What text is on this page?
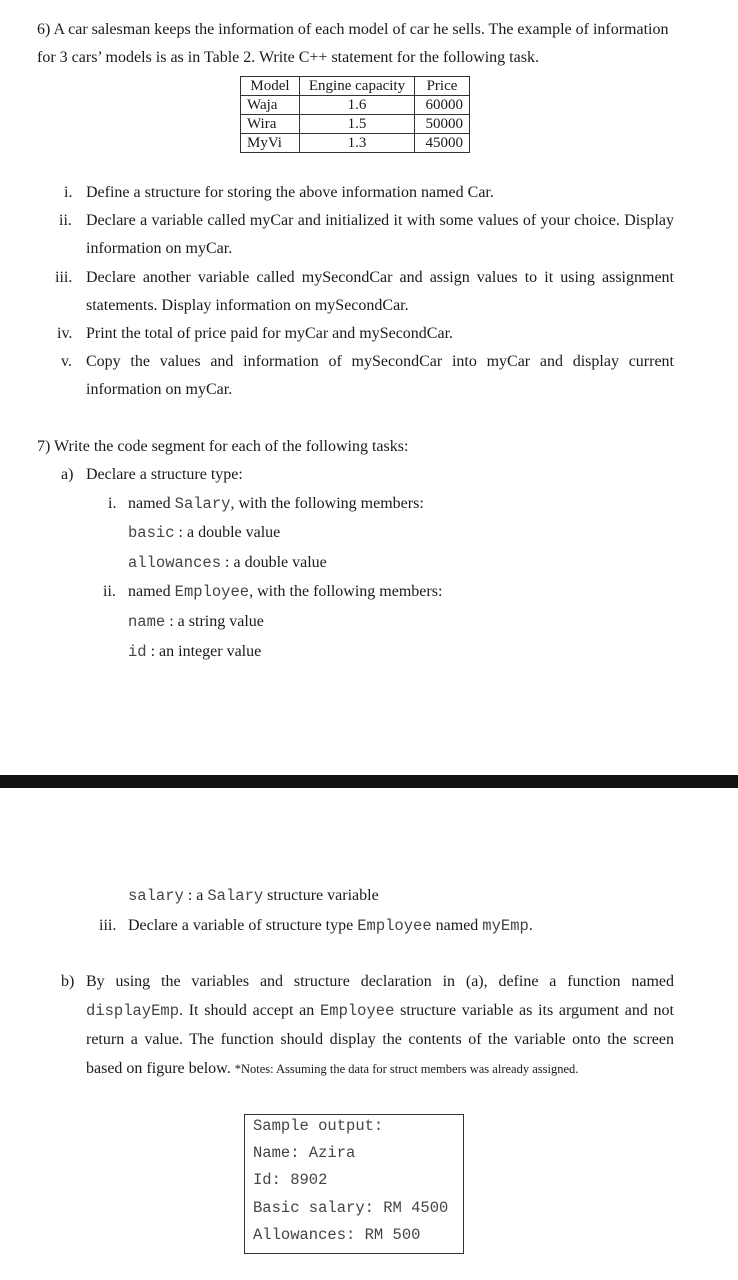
6) A car salesman keeps the information of each model of car he sells. The example of information
for 3 cars’ models is as in Table 2. Write C++ statement for the following task.
Model	Engine capacity	Price
Waja	1.6	60000
Wira	1.5	50000
MyVi	1.3	45000
i. Define a structure for storing the above information named Car.
ii. Declare a variable called myCar and initialized it with some values of your choice. Display
information on myCar.
iii. Declare another variable called mySecondCar and assign values to it using assignment
statements. Display information on mySecondCar.
iv. Print the total of price paid for myCar and mySecondCar.
v. Copy the values and information of mySecondCar into myCar and display current
information on myCar.
7) Write the code segment for each of the following tasks:
a) Declare a structure type:
i. named Salary, with the following members:
basic : a double value
allowances : a double value
ii. named Employee, with the following members:
name : a string value
id : an integer value
salary : a Salary structure variable
iii. Declare a variable of structure type Employee named myEmp.
b) By using the variables and structure declaration in (a), define a function named
displayEmp. It should accept an Employee structure variable as its argument and not
return a value. The function should display the contents of the variable onto the screen
based on figure below. *Notes: Assuming the data for struct members was already assigned.
Sample output:
Name: Azira
Id: 8902
Basic salary: RM 4500
Allowances: RM 500
